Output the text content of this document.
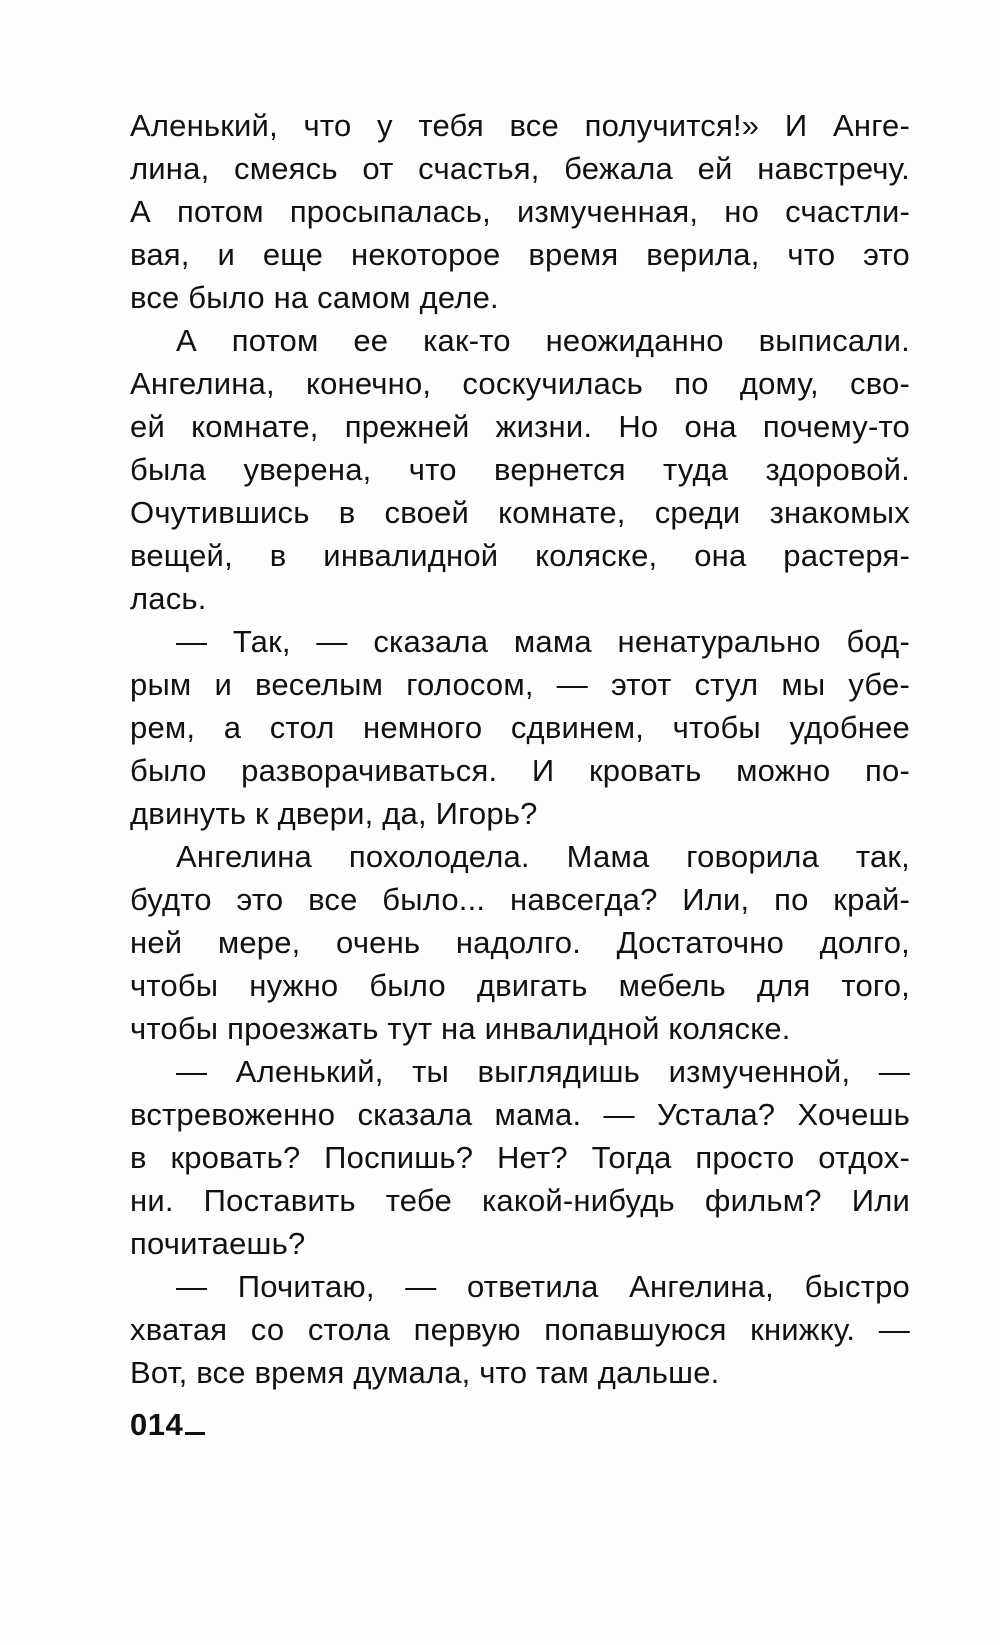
Аленький, что у тебя все получится!» И Анге-
лина, смеясь от счастья, бежала ей навстречу.
А потом просыпалась, измученная, но счастли-
вая, и еще некоторое время верила, что это
все было на самом деле.
А потом ее как-то неожиданно выписали.
Ангелина, конечно, соскучилась по дому, сво-
ей комнате, прежней жизни. Но она почему-то
была уверена, что вернется туда здоровой.
Очутившись в своей комнате, среди знакомых
вещей, в инвалидной коляске, она растеря-
лась.
— Так, — сказала мама ненатурально бод-
рым и веселым голосом, — этот стул мы убе-
рем, а стол немного сдвинем, чтобы удобнее
было разворачиваться. И кровать можно по-
двинуть к двери, да, Игорь?
Ангелина похолодела. Мама говорила так,
будто это все было... навсегда? Или, по край-
ней мере, очень надолго. Достаточно долго,
чтобы нужно было двигать мебель для того,
чтобы проезжать тут на инвалидной коляске.
— Аленький, ты выглядишь измученной, —
встревоженно сказала мама. — Устала? Хочешь
в кровать? Поспишь? Нет? Тогда просто отдох-
ни. Поставить тебе какой-нибудь фильм? Или
почитаешь?
— Почитаю, — ответила Ангелина, быстро
хватая со стола первую попавшуюся книжку. —
Вот, все время думала, что там дальше.
014
